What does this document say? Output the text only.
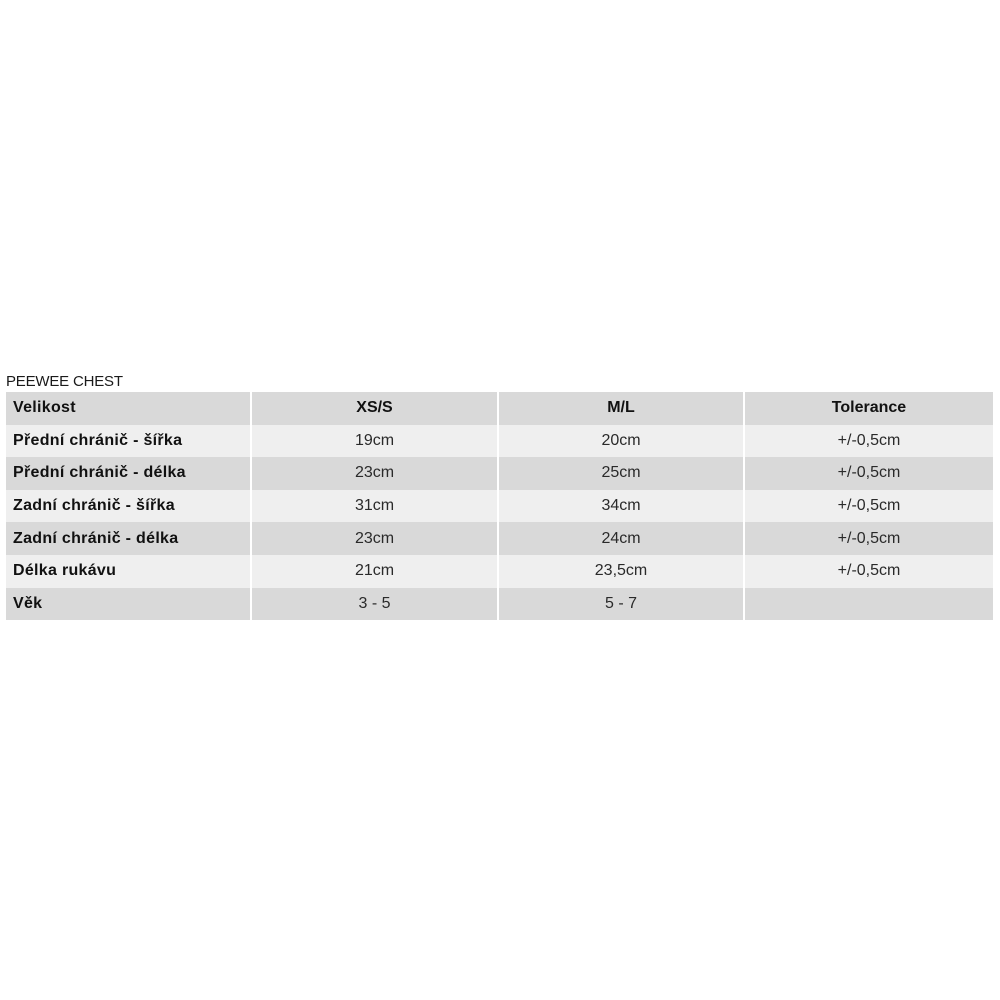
PEEWEE CHEST
Velikost	XS/S	M/L	Tolerance
Přední chránič - šířka	19cm	20cm	+/-0,5cm
Přední chránič - délka	23cm	25cm	+/-0,5cm
Zadní chránič - šířka	31cm	34cm	+/-0,5cm
Zadní chránič - délka	23cm	24cm	+/-0,5cm
Délka rukávu	21cm	23,5cm	+/-0,5cm
Věk	3 - 5	5 - 7	
